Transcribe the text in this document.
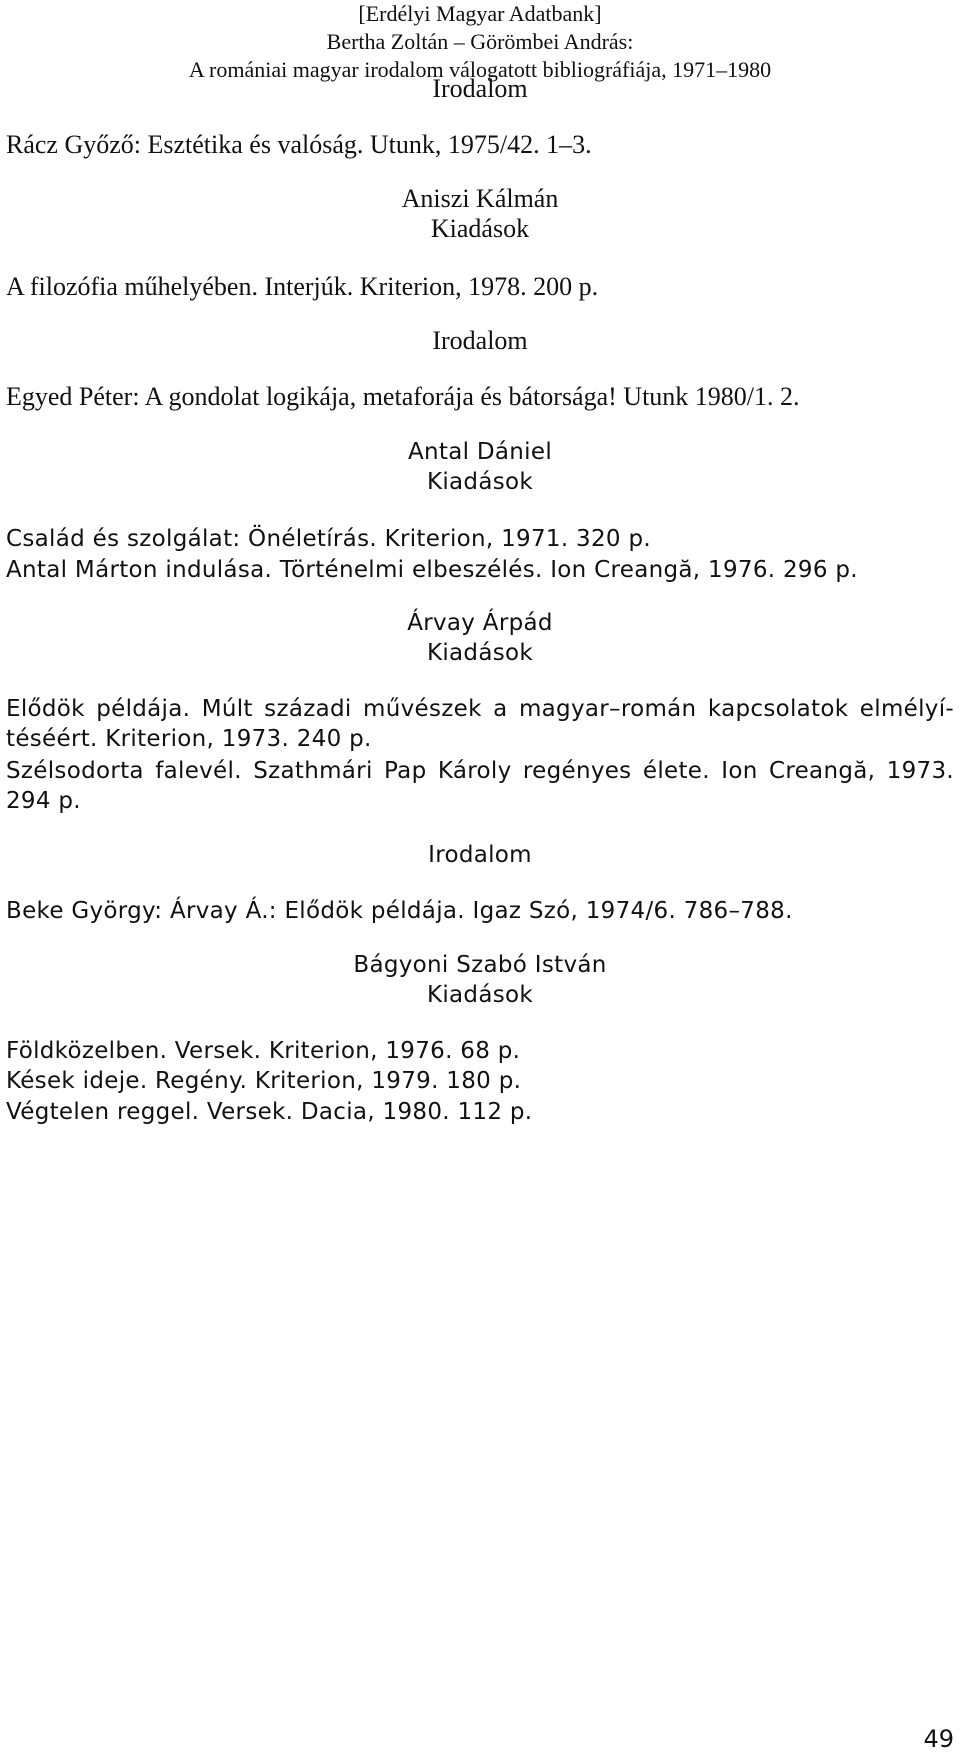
[Erdélyi Magyar Adatbank]
Bertha Zoltán – Görömbei András:
A romániai magyar irodalom válogatott bibliográfiája, 1971–1980
Irodalom
Rácz Győző: Esztétika és valóság. Utunk, 1975/42. 1–3.
Aniszi Kálmán
Kiadások
A filozófia műhelyében. Interjúk. Kriterion, 1978. 200 p.
Irodalom
Egyed Péter: A gondolat logikája, metaforája és bátorsága! Utunk 1980/1. 2.
Antal Dániel
Kiadások
Család és szolgálat: Önéletírás. Kriterion, 1971. 320 p.
Antal Márton indulása. Történelmi elbeszélés. Ion Creangă, 1976. 296 p.
Árvay Árpád
Kiadások
Elődök példája. Múlt századi művészek a magyar–román kapcsolatok elmélyí-
téséért. Kriterion, 1973. 240 p.
Szélsodorta falevél. Szathmári Pap Károly regényes élete. Ion Creangă, 1973.
294 p.
Irodalom
Beke György: Árvay Á.: Elődök példája. Igaz Szó, 1974/6. 786–788.
Bágyoni Szabó István
Kiadások
Földközelben. Versek. Kriterion, 1976. 68 p.
Kések ideje. Regény. Kriterion, 1979. 180 p.
Végtelen reggel. Versek. Dacia, 1980. 112 p.
49
